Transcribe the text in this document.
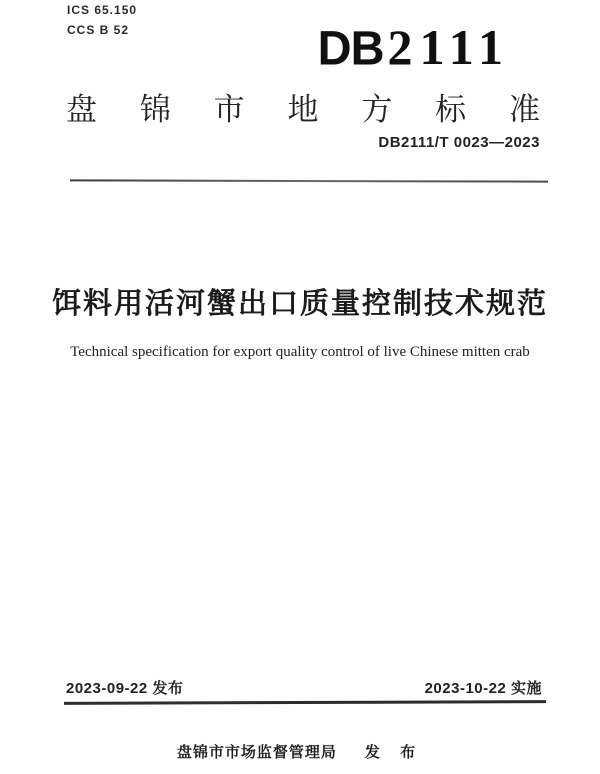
ICS 65.150
CCS B 52	DB2111
盘 锦 市 地 方 标 准
DB2111/T 0023—2023
饵料用活河蟹出口质量控制技术规范
Technical specification for export quality control of live Chinese mitten crab
2023-09-22 发布	2023-10-22 实施
盘锦市市场监督管理局 发 布
